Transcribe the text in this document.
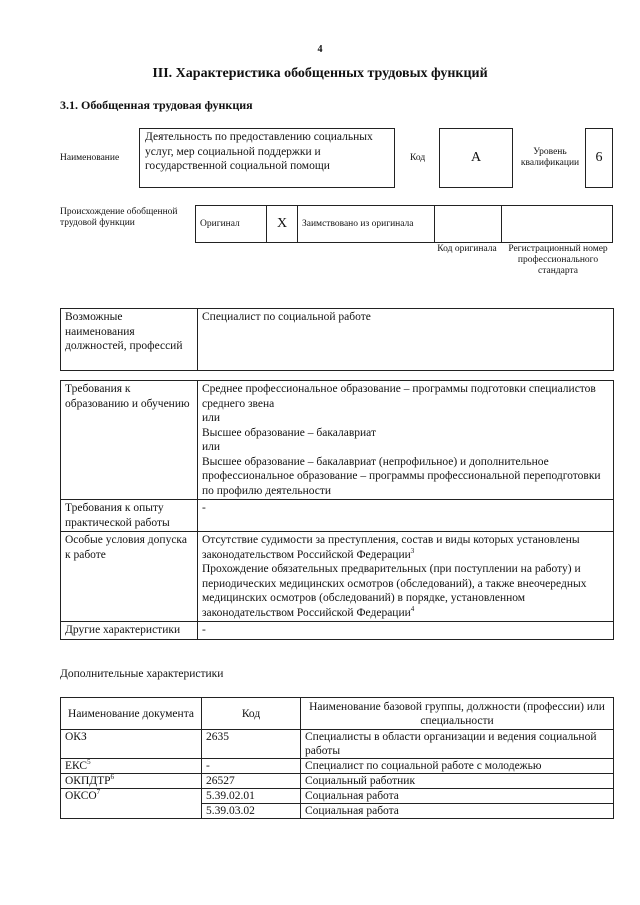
4
III. Характеристика обобщенных трудовых функций
3.1. Обобщенная трудовая функция
Наименование
Деятельность по предоставлению социальных услуг, мер социальной поддержки и государственной социальной помощи
Код	А	Уровень квалификации	6
Происхождение обобщенной трудовой функции	Оригинал	X	Заимствовано из оригинала		
Код оригинала	Регистрационный номер профессионального стандарта
Возможные наименования должностей, профессий	Специалист по социальной работе
Требования к образованию и обучению	Среднее профессиональное образование – программы подготовки специалистов среднего звена
или
Высшее образование – бакалавриат
или
Высшее образование – бакалавриат (непрофильное) и дополнительное профессиональное образование – программы профессиональной переподготовки по профилю деятельности

Требования к опыту практической работы	-
Особые условия допуска к работе	Отсутствие судимости за преступления, состав и виды которых установлены законодательством Российской Федерации$^3$
Прохождение обязательных предварительных (при поступлении на работу) и периодических медицинских осмотров (обследований), а также внеочередных медицинских осмотров (обследований) в порядке, установленном законодательством Российской Федерации$^4$

Другие характеристики	-
Дополнительные характеристики
Наименование документа	Код	Наименование базовой группы, должности (профессии) или специальности
ОКЗ	2635	Специалисты в области организации и ведения социальной работы
ЕКС$^5$	-	Специалист по социальной работе с молодежью
ОКПДТР$^6$	26527	Социальный работник
ОКСО$^7$	5.39.02.01	Социальная работа
	5.39.03.02	Социальная работа
